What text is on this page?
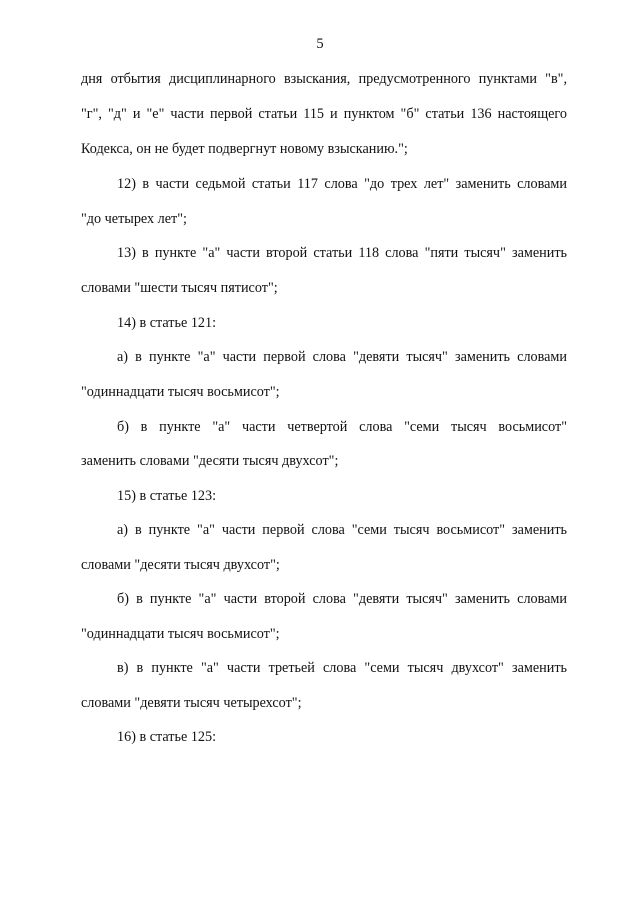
5
дня отбытия дисциплинарного взыскания, предусмотренного пунктами "в",
"г", "д" и "е" части первой статьи 115 и пунктом "б" статьи 136 настоящего
Кодекса, он не будет подвергнут новому взысканию.";
12) в части седьмой статьи 117 слова "до трех лет" заменить словами
"до четырех лет";
13) в пункте "а" части второй статьи 118 слова "пяти тысяч" заменить
словами "шести тысяч пятисот";
14) в статье 121:
а) в пункте "а" части первой слова "девяти тысяч" заменить словами
"одиннадцати тысяч восьмисот";
б) в пункте "а" части четвертой слова "семи тысяч восьмисот"
заменить словами "десяти тысяч двухсот";
15) в статье 123:
а) в пункте "а" части первой слова "семи тысяч восьмисот" заменить
словами "десяти тысяч двухсот";
б) в пункте "а" части второй слова "девяти тысяч" заменить словами
"одиннадцати тысяч восьмисот";
в) в пункте "а" части третьей слова "семи тысяч двухсот" заменить
словами "девяти тысяч четырехсот";
16) в статье 125:
